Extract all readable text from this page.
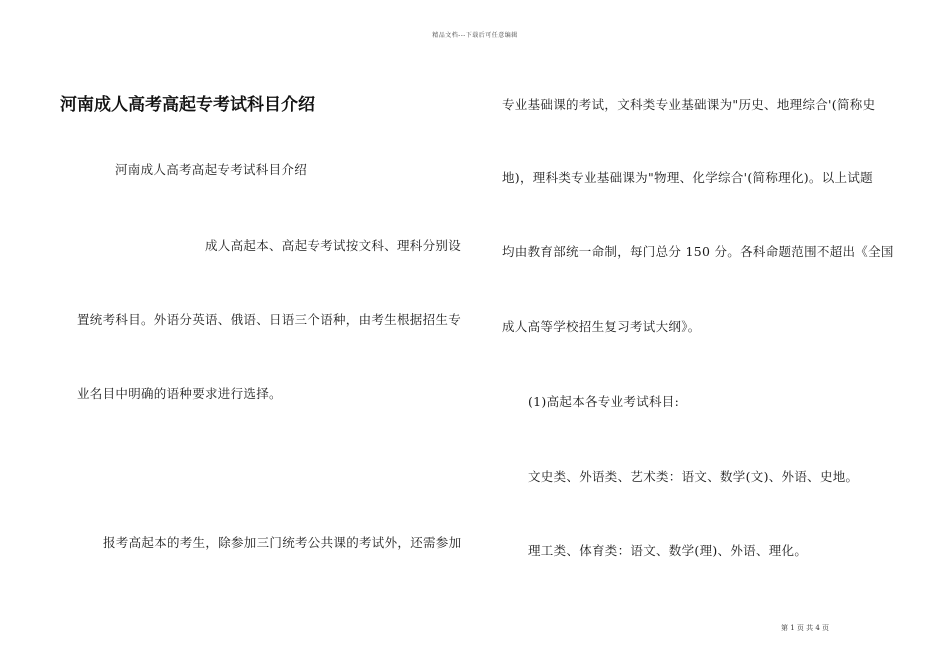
精品文档---下载后可任意编辑
河南成人高考高起专考试科目介绍
河南成人高考高起专考试科目介绍
成人高起本、高起专考试按文科、理科分别设
置统考科目。外语分英语、俄语、日语三个语种，由考生根据招生专
业名目中明确的语种要求进行选择。
报考高起本的考生，除参加三门统考公共课的考试外，还需参加
专业基础课的考试，文科类专业基础课为"历史、地理综合'(简称史
地)，理科类专业基础课为"物理、化学综合'(简称理化)。以上试题
均由教育部统一命制，每门总分 150 分。各科命题范围不超出《全国
成人高等学校招生复习考试大纲》。
(1)高起本各专业考试科目:
文史类、外语类、艺术类：语文、数学(文)、外语、史地。
理工类、体育类：语文、数学(理)、外语、理化。
第 1 页 共 4 页
